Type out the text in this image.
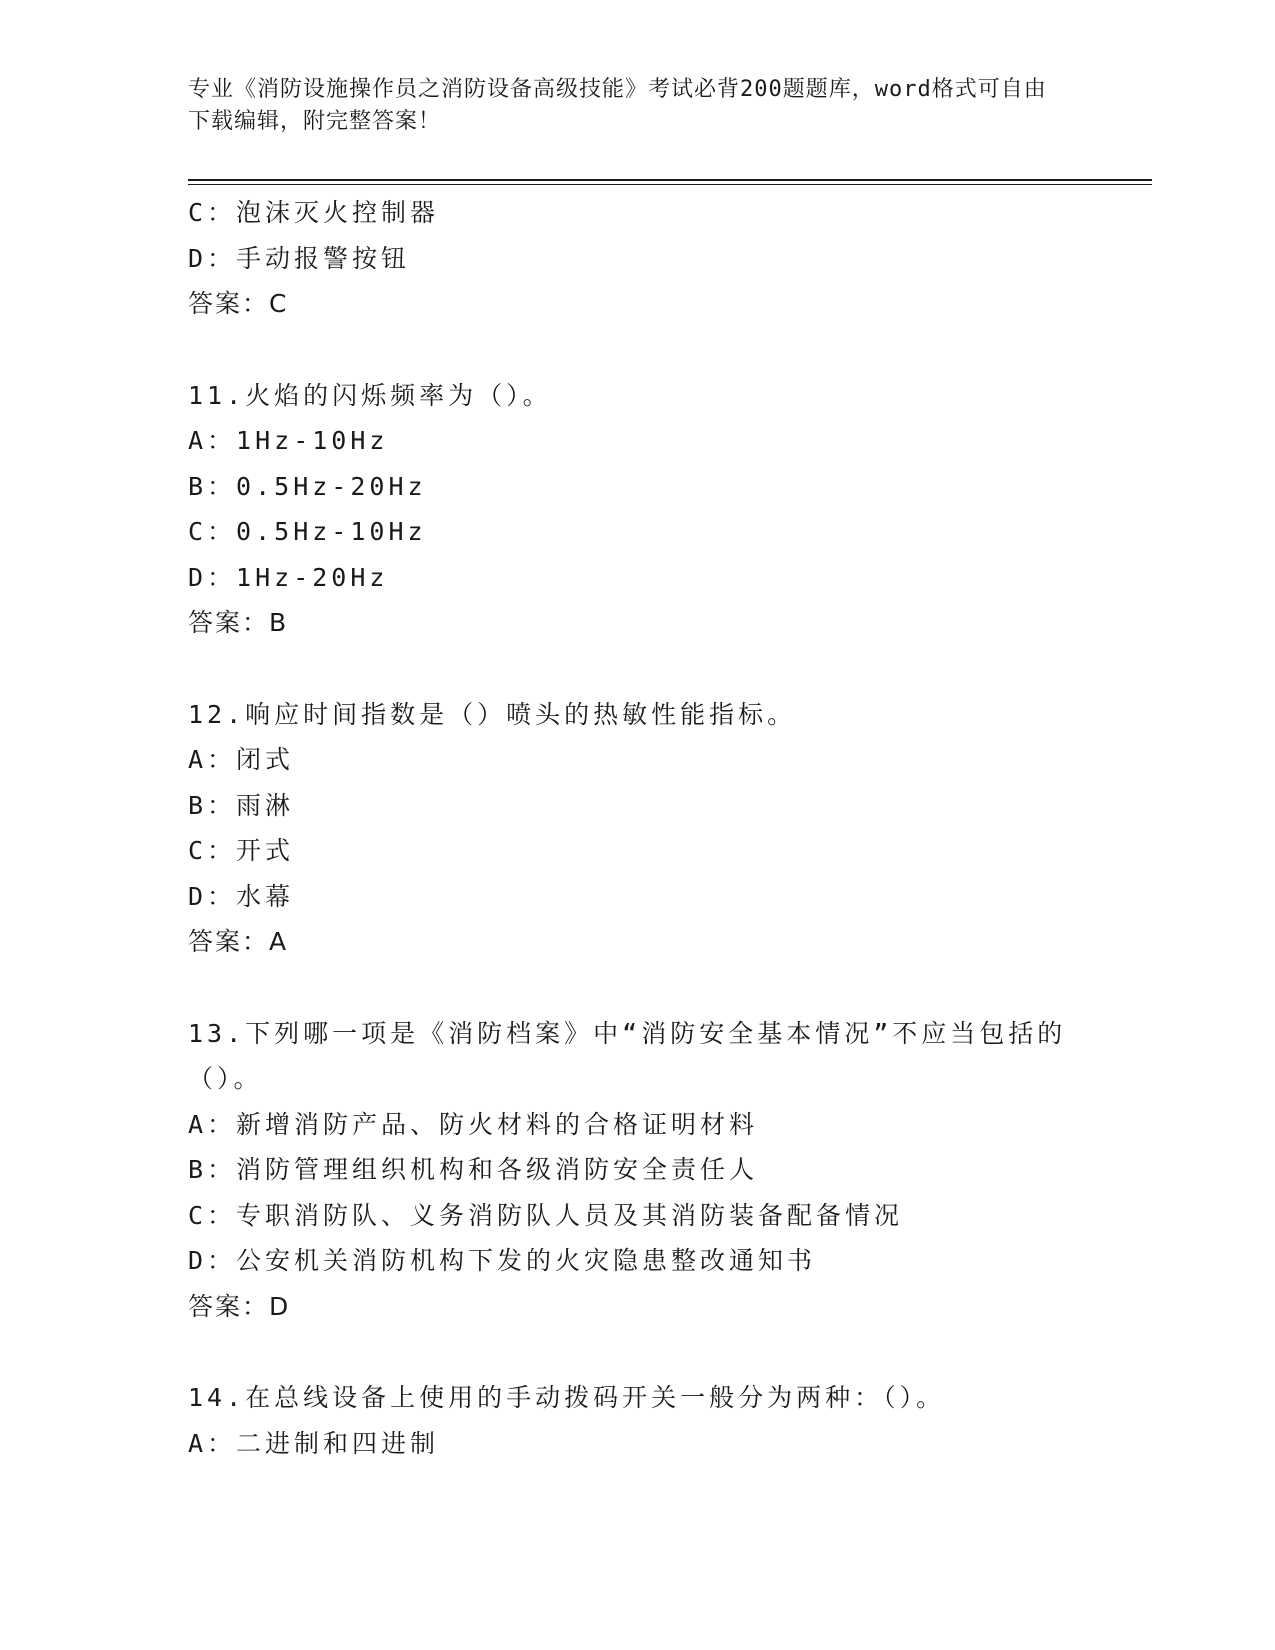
专业《消防设施操作员之消防设备高级技能》考试必背200题题库，word格式可自由下载编辑，附完整答案！
C：泡沫灭火控制器
D：手动报警按钮
答案：C
11.火焰的闪烁频率为（）。
A：1Hz-10Hz
B：0.5Hz-20Hz
C：0.5Hz-10Hz
D：1Hz-20Hz
答案：B
12.响应时间指数是（）喷头的热敏性能指标。
A：闭式
B：雨淋
C：开式
D：水幕
答案：A
13.下列哪一项是《消防档案》中“消防安全基本情况”不应当包括的（）。
A：新增消防产品、防火材料的合格证明材料
B：消防管理组织机构和各级消防安全责任人
C：专职消防队、义务消防队人员及其消防装备配备情况
D：公安机关消防机构下发的火灾隐患整改通知书
答案：D
14.在总线设备上使用的手动拨码开关一般分为两种：（）。
A：二进制和四进制
